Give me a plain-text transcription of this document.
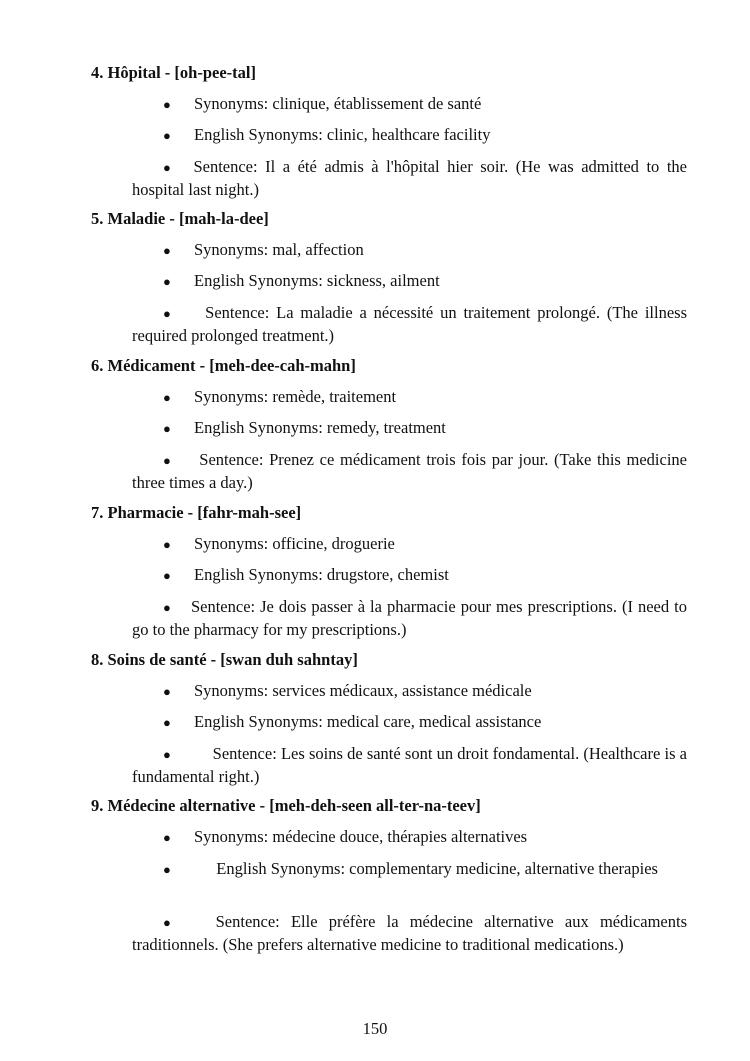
4. Hôpital - [oh-pee-tal]
● Synonyms: clinique, établissement de santé
● English Synonyms: clinic, healthcare facility
● Sentence: Il a été admis à l'hôpital hier soir. (He was admitted to the hospital last night.)
5. Maladie - [mah-la-dee]
● Synonyms: mal, affection
● English Synonyms: sickness, ailment
● Sentence: La maladie a nécessité un traitement prolongé. (The illness required prolonged treatment.)
6. Médicament - [meh-dee-cah-mahn]
● Synonyms: remède, traitement
● English Synonyms: remedy, treatment
● Sentence: Prenez ce médicament trois fois par jour. (Take this medicine three times a day.)
7. Pharmacie - [fahr-mah-see]
● Synonyms: officine, droguerie
● English Synonyms: drugstore, chemist
● Sentence: Je dois passer à la pharmacie pour mes prescriptions. (I need to go to the pharmacy for my prescriptions.)
8. Soins de santé - [swan duh sahntay]
● Synonyms: services médicaux, assistance médicale
● English Synonyms: medical care, medical assistance
●	Sentence: Les soins de santé sont un droit fondamental. (Healthcare is a fundamental right.)
9. Médecine alternative - [meh-deh-seen all-ter-na-teev]
● Synonyms: médecine douce, thérapies alternatives
●	English Synonyms: complementary medicine, alternative therapies
●	Sentence: Elle préfère la médecine alternative aux médicaments traditionnels. (She prefers alternative medicine to traditional medications.)
150
